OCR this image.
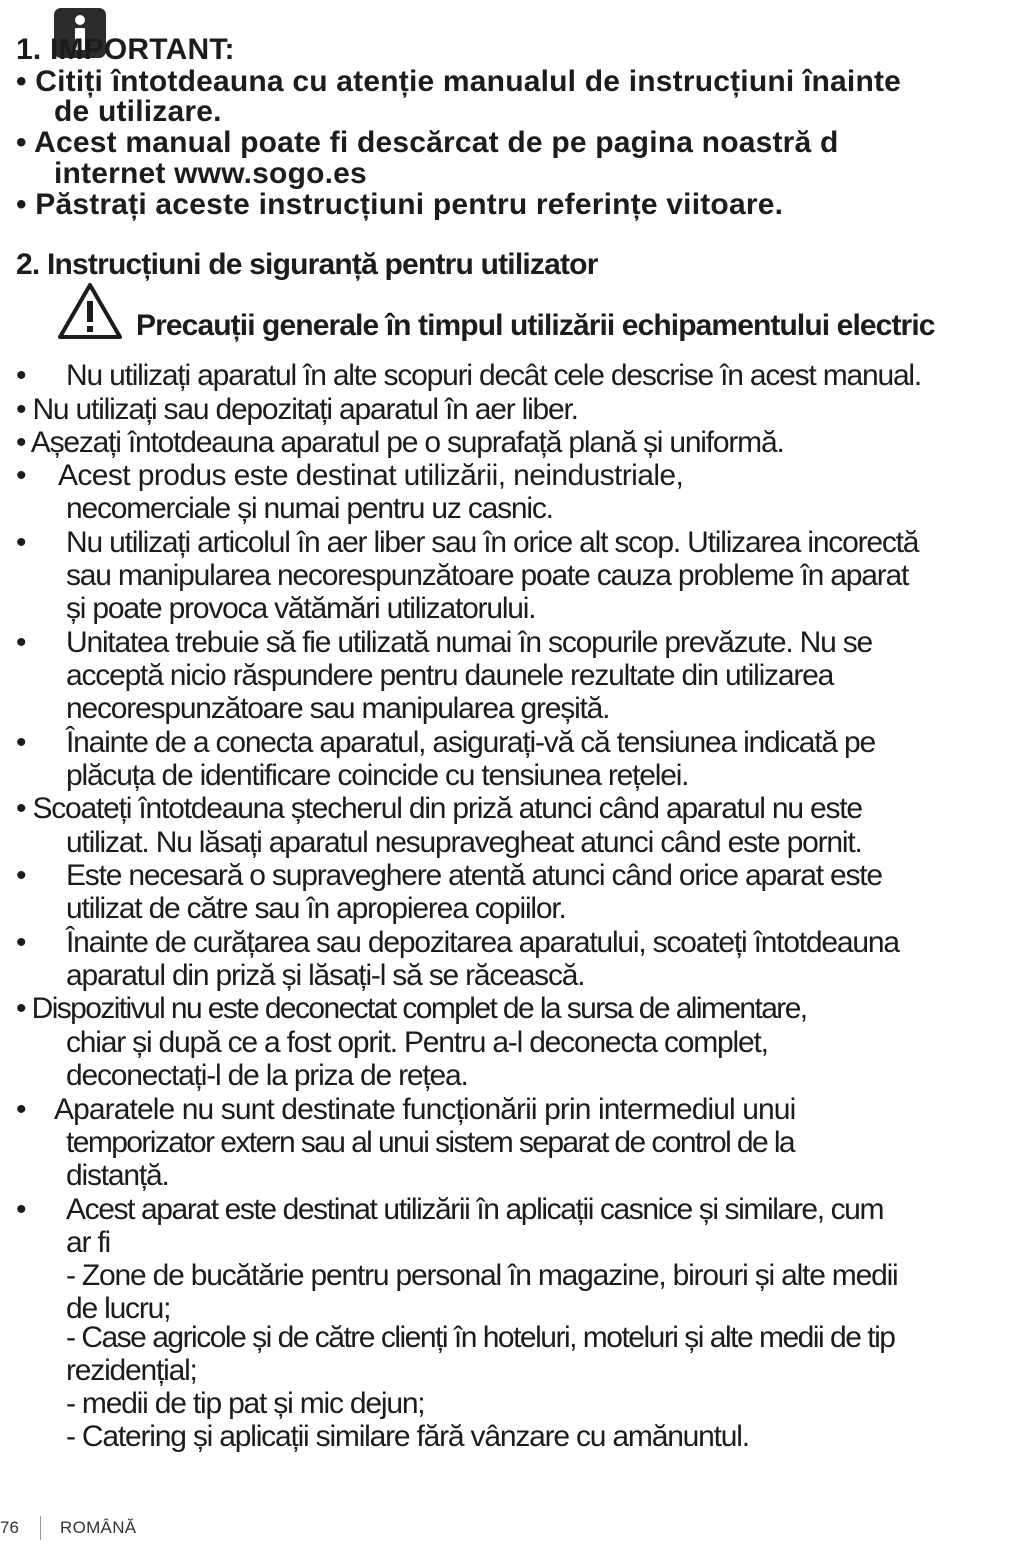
1. IMPORTANT:
• Citiți întotdeauna cu atenție manualul de instrucțiuni înainte
de utilizare.
• Acest manual poate fi descărcat de pe pagina noastră d
internet www.sogo.es
• Păstrați aceste instrucțiuni pentru referințe viitoare.
2. Instrucțiuni de siguranță pentru utilizator
Precauții generale în timpul utilizării echipamentului electric
•
•
•
•
•
•
•
•
•
Nu utilizați aparatul în alte scopuri decât cele descrise în acest manual.
• Nu utilizați sau depozitați aparatul în aer liber.
• Așezați întotdeauna aparatul pe o suprafață plană și uniformă.
Acest produs este destinat utilizării, neindustriale,
necomerciale și numai pentru uz casnic.
Nu utilizați articolul în aer liber sau în orice alt scop. Utilizarea incorectă
sau manipularea necorespunzătoare poate cauza probleme în aparat
și poate provoca vătămări utilizatorului.
Unitatea trebuie să fie utilizată numai în scopurile prevăzute. Nu se
acceptă nicio răspundere pentru daunele rezultate din utilizarea
necorespunzătoare sau manipularea greșită.
Înainte de a conecta aparatul, asigurați-vă că tensiunea indicată pe
plăcuța de identificare coincide cu tensiunea rețelei.
• Scoateți întotdeauna ștecherul din priză atunci când aparatul nu este
utilizat. Nu lăsați aparatul nesupravegheat atunci când este pornit.
Este necesară o supraveghere atentă atunci când orice aparat este
utilizat de către sau în apropierea copiilor.
Înainte de curățarea sau depozitarea aparatului, scoateți întotdeauna
aparatul din priză și lăsați-l să se răcească.
• Dispozitivul nu este deconectat complet de la sursa de alimentare,
chiar și după ce a fost oprit. Pentru a-l deconecta complet,
deconectați-l de la priza de rețea.
Aparatele nu sunt destinate funcționării prin intermediul unui
temporizator extern sau al unui sistem separat de control de la
distanță.
Acest aparat este destinat utilizării în aplicații casnice și similare, cum
ar fi
- Zone de bucătărie pentru personal în magazine, birouri și alte medii
de lucru;
- Case agricole și de către clienți în hoteluri, moteluri și alte medii de tip
rezidențial;
- medii de tip pat și mic dejun;
- Catering și aplicații similare fără vânzare cu amănuntul.
76 ROMÂNĂ
